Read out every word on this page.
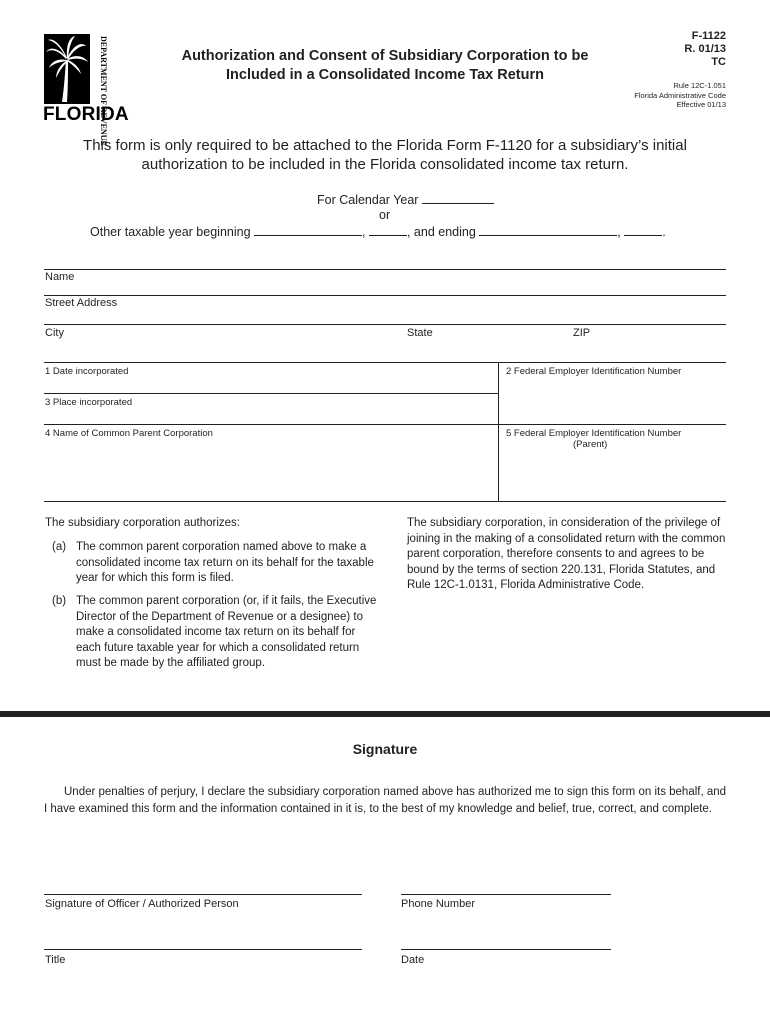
DEPARTMENT OF REVENUE
FLORIDA
Authorization and Consent of Subsidiary Corporation to be
Included in a Consolidated Income Tax Return
F-1122
R. 01/13
TC
Rule 12C-1.051
Florida Administrative Code
Effective 01/13
This form is only required to be attached to the Florida Form F-1120 for a subsidiary’s initial authorization to be included in the Florida consolidated income tax return.
For Calendar Year
or
Other taxable year beginning	,	, and ending	,	.
Name
Street Address
City	State	ZIP
1 Date incorporated	2 Federal Employer Identification Number
3 Place incorporated
4 Name of Common Parent Corporation	5 Federal Employer Identification Number
(Parent)
The subsidiary corporation authorizes:
(a) The common parent corporation named above to make a consolidated income tax return on its behalf for the taxable year for which this form is filed.
(b) The common parent corporation (or, if it fails, the Executive Director of the Department of Revenue or a designee) to make a consolidated income tax return on its behalf for each future taxable year for which a consolidated return must be made by the affiliated group.
The subsidiary corporation, in consideration of the privilege of joining in the making of a consolidated return with the common parent corporation, therefore consents to and agrees to be bound by the terms of section 220.131, Florida Statutes, and Rule 12C-1.0131, Florida Administrative Code.
Signature
Under penalties of perjury, I declare the subsidiary corporation named above has authorized me to sign this form on its behalf, and I have examined this form and the information contained in it is, to the best of my knowledge and belief, true, correct, and complete.
Signature of Officer / Authorized Person	Phone Number
Title	Date
